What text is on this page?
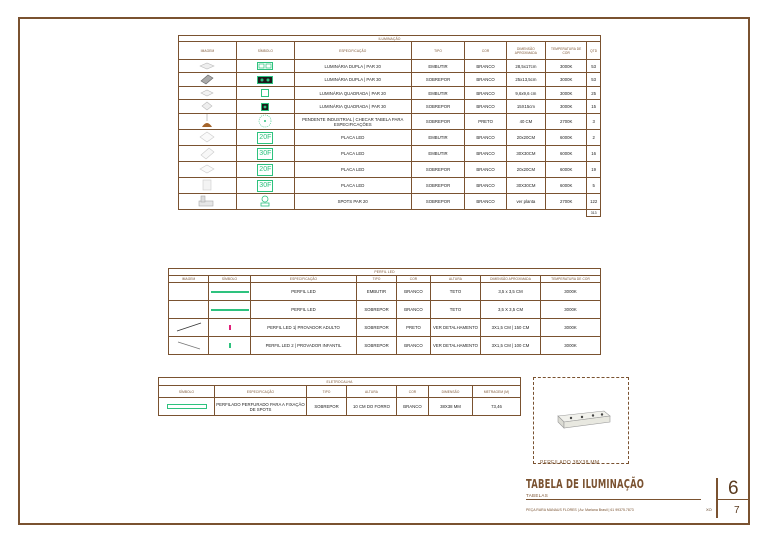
ILUMINAÇÃO							
IMAGEM	SÍMBOLO	ESPECIFICAÇÃO	TIPO	COR	DIMENSÃO APROXIMADA	TEMPERATURA DE COR	QTD
		LUMINÁRIA DUPLA | PAR 20	EMBUTIR	BRANCO	28,5x17cm	3000K	53
		LUMINÁRIA DUPLA | PAR 30	SOBREPOR	BRANCO	25x13,5cm	3000K	53
		LUMINÁRIA QUADRADA | PAR 20	EMBUTIR	BRANCO	9,6x9,6 cm	3000K	25
		LUMINÁRIA QUADRADA | PAR 30	SOBREPOR	BRANCO	15X15cm	3000K	15
		PENDENTE INDUSTRIAL | CHECAR TABELA PARA ESPECIFICAÇÕES	SOBREPOR	PRETO	40 CM	2700K	3
	20F	PLACA LED	EMBUTIR	BRANCO	20x20CM	6000K	2
	30F	PLACA LED	EMBUTIR	BRANCO	30X30CM	6000K	16
	20F	PLACA LED	SOBREPOR	BRANCO	20x20CM	6000K	19
	30F	PLACA LED	SOBREPOR	BRANCO	30X30CM	6000K	5
		SPOTS PAR 20	SOBREPOR	BRANCO	ver planta	2700K	122
							313
PERFIL LED							
IMAGEM	SÍMBOLO	ESPECIFICAÇÃO	TIPO	COR	ALTURA	DIMENSÃO APROXIMADA	TEMPERATURA DE COR
		PERFIL LED	EMBUTIR	BRANCO	TETO	3,5 x 3,5 CM	3000K
		PERFIL LED	SOBREPOR	BRANCO	TETO	3,5 X 3,5 CM	3000K
		PERFIL LED 1| PROVADOR ADULTO	SOBREPOR	PRETO	VER DETALHAMENTO	3X1,5 CM | 150 CM	3000K
		PERFIL LED 2 | PROVADOR INFANTIL	SOBREPOR	BRANCO	VER DETALHAMENTO	3X1,5 CM | 100 CM	3000K
ELETROCALHA						
SÍMBOLO	ESPECIFICAÇÃO	TIPO	ALTURA	COR	DIMENSÃO	METRAGEM (M)
	PERFILADO PERFURADO PARA A FIXAÇÃO DE SPOTS	SOBREPOR	10 CM DO FORRO	BRANCO	38X38 MM	73,46
PERFILADO 38X38 MM
TABELA DE ILUMINAÇÃO
TABELAS
PEÇA RARA MANAUS FLORES | Av. Mariana Brasil | 61 99375.7873	XO
6
7
